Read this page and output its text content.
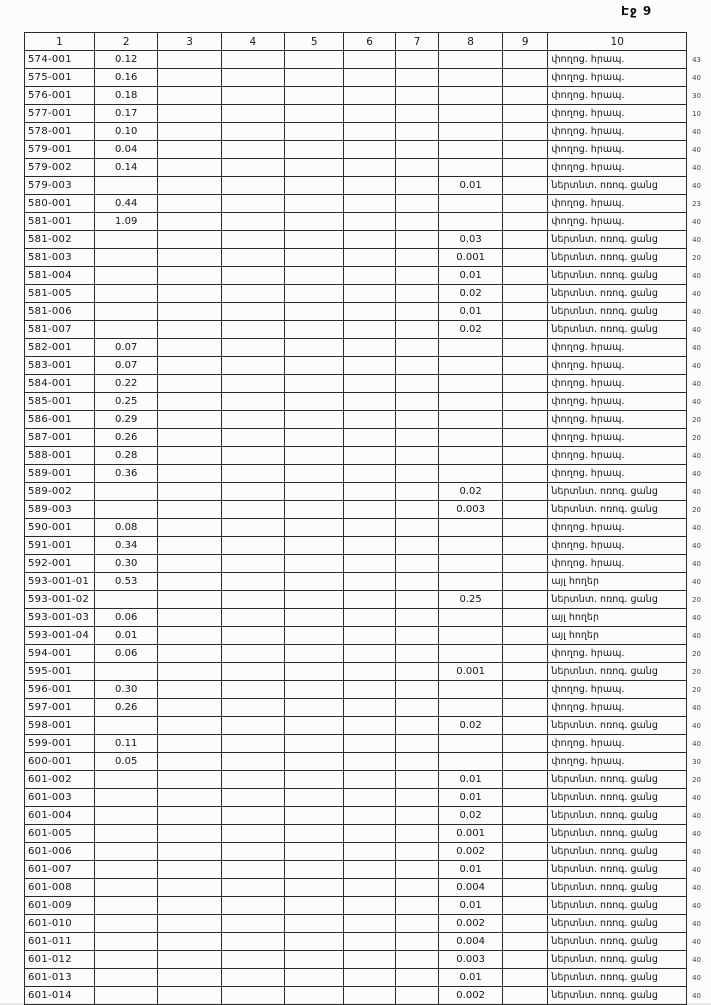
Էջ 9
1	2	3	4	5	6	7	8	9	10	
574-001	0.12								փողոց. հրապ.	43
575-001	0.16								փողոց. հրապ.	40
576-001	0.18								փողոց. հրապ.	30
577-001	0.17								փողոց. հրապ.	10
578-001	0.10								փողոց. հրապ.	40
579-001	0.04								փողոց. հրապ.	40
579-002	0.14								փողոց. հրապ.	40
579-003							0.01		ներտնտ. ոռոգ. ցանց	40
580-001	0.44								փողոց. հրապ.	23
581-001	1.09								փողոց. հրապ.	40
581-002							0.03		ներտնտ. ոռոգ. ցանց	40
581-003							0.001		ներտնտ. ոռոգ. ցանց	20
581-004							0.01		ներտնտ. ոռոգ. ցանց	40
581-005							0.02		ներտնտ. ոռոգ. ցանց	40
581-006							0.01		ներտնտ. ոռոգ. ցանց	40
581-007							0.02		ներտնտ. ոռոգ. ցանց	40
582-001	0.07								փողոց. հրապ.	40
583-001	0.07								փողոց. հրապ.	40
584-001	0.22								փողոց. հրապ.	40
585-001	0.25								փողոց. հրապ.	40
586-001	0.29								փողոց. հրապ.	20
587-001	0.26								փողոց. հրապ.	20
588-001	0.28								փողոց. հրապ.	40
589-001	0.36								փողոց. հրապ.	40
589-002							0.02		ներտնտ. ոռոգ. ցանց	40
589-003							0.003		ներտնտ. ոռոգ. ցանց	20
590-001	0.08								փողոց. հրապ.	40
591-001	0.34								փողոց. հրապ.	40
592-001	0.30								փողոց. հրապ.	40
593-001-01	0.53								այլ հողեր	40
593-001-02							0.25		ներտնտ. ոռոգ. ցանց	20
593-001-03	0.06								այլ հողեր	40
593-001-04	0.01								այլ հողեր	40
594-001	0.06								փողոց. հրապ.	20
595-001							0.001		ներտնտ. ոռոգ. ցանց	20
596-001	0.30								փողոց. հրապ.	20
597-001	0.26								փողոց. հրապ.	40
598-001							0.02		ներտնտ. ոռոգ. ցանց	40
599-001	0.11								փողոց. հրապ.	40
600-001	0.05								փողոց. հրապ.	30
601-002							0.01		ներտնտ. ոռոգ. ցանց	20
601-003							0.01		ներտնտ. ոռոգ. ցանց	40
601-004							0.02		ներտնտ. ոռոգ. ցանց	40
601-005							0.001		ներտնտ. ոռոգ. ցանց	40
601-006							0.002		ներտնտ. ոռոգ. ցանց	40
601-007							0.01		ներտնտ. ոռոգ. ցանց	40
601-008							0.004		ներտնտ. ոռոգ. ցանց	40
601-009							0.01		ներտնտ. ոռոգ. ցանց	40
601-010							0.002		ներտնտ. ոռոգ. ցանց	40
601-011							0.004		ներտնտ. ոռոգ. ցանց	40
601-012							0.003		ներտնտ. ոռոգ. ցանց	40
601-013							0.01		ներտնտ. ոռոգ. ցանց	40
601-014							0.002		ներտնտ. ոռոգ. ցանց	40
